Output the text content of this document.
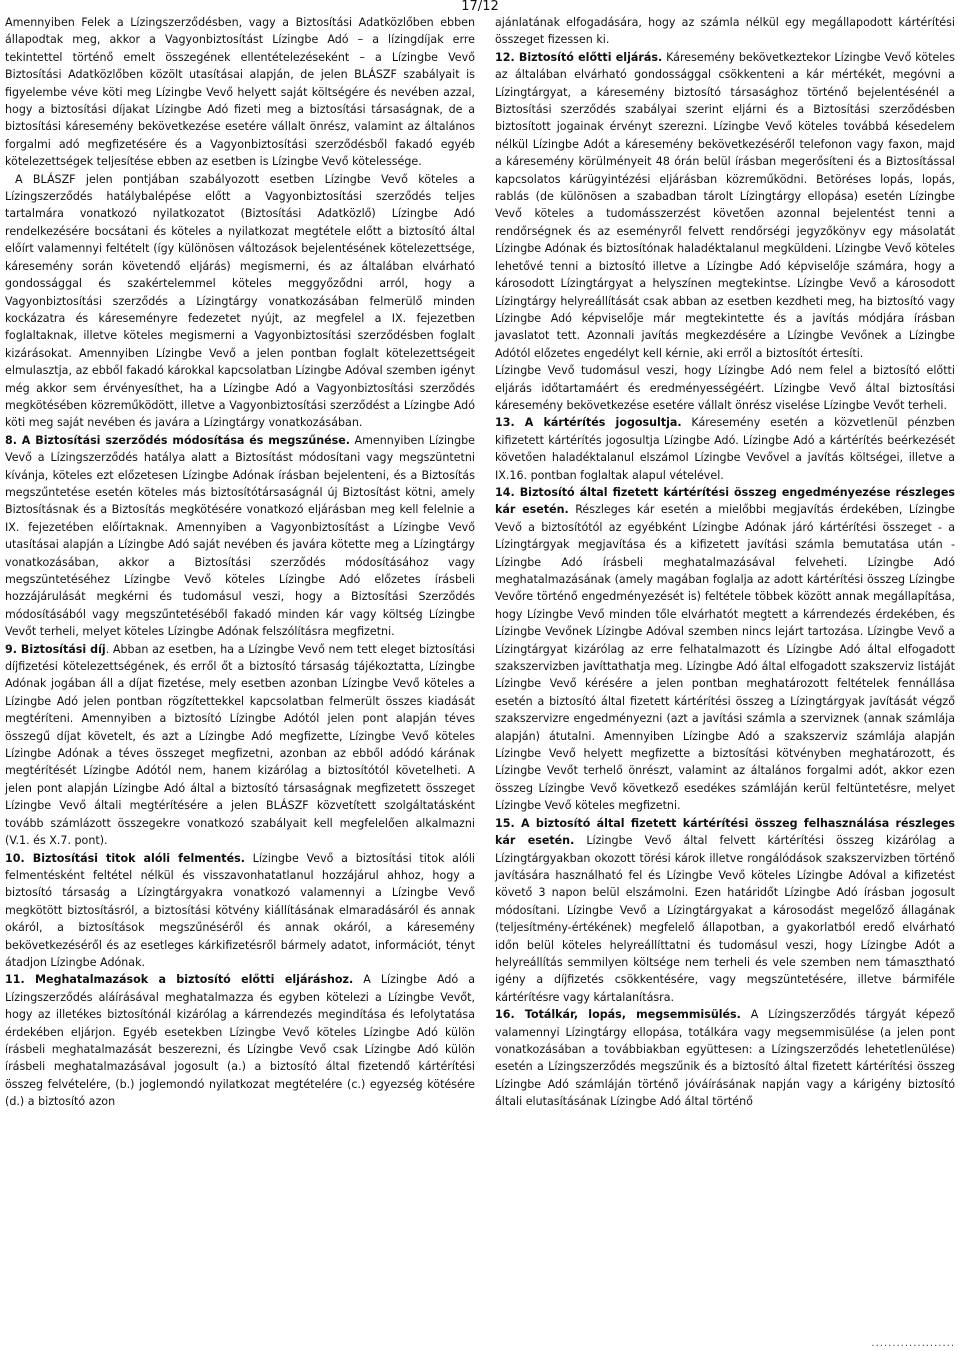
17/12

Amennyiben Felek a Lízingszerződésben, vagy a Biztosítási Adatközlőben ebben állapodtak meg, akkor a Vagyonbiztosítást Lízingbe Adó – a lízingdíjak erre tekintettel történő emelt összegének ellentételezéseként – a Lízingbe Vevő Biztosítási Adatközlőben közölt utasításai alapján, de jelen BLÁSZF szabályait is figyelembe véve köti meg Lízingbe Vevő helyett saját költségére és nevében azzal, hogy a biztosítási díjakat Lízingbe Adó fizeti meg a biztosítási társaságnak, de a biztosítási káresemény bekövetkezése esetére vállalt önrész, valamint az általános forgalmi adó megfizetésére és a Vagyonbiztosítási szerződésből fakadó egyéb kötelezettségek teljesítése ebben az esetben is Lízingbe Vevő kötelessége.

A BLÁSZF jelen pontjában szabályozott esetben Lízingbe Vevő köteles a Lízingszerződés hatálybalépése előtt a Vagyonbiztosítási szerződés teljes tartalmára vonatkozó nyilatkozatot (Biztosítási Adatközlő) Lízingbe Adó rendelkezésére bocsátani és köteles a nyilatkozat megtétele előtt a biztosító által előírt valamennyi feltételt (így különösen változások bejelentésének kötelezettsége, káresemény során követendő eljárás) megismerni, és az általában elvárható gondossággal és szakértelemmel köteles meggyőződni arról, hogy a Vagyonbiztosítási szerződés a Lízingtárgy vonatkozásában felmerülő minden kockázatra és káreseményre fedezetet nyújt, az megfelel a IX. fejezetben foglaltaknak, illetve köteles megismerni a Vagyonbiztosítási szerződésben foglalt kizárásokat. Amennyiben Lízingbe Vevő a jelen pontban foglalt kötelezettségeit elmulasztja, az ebből fakadó károkkal kapcsolatban Lízingbe Adóval szemben igényt még akkor sem érvényesíthet, ha a Lízingbe Adó a Vagyonbiztosítási szerződés megkötésében közreműködött, illetve a Vagyonbiztosítási szerződést a Lízingbe Adó köti meg saját nevében és javára a Lízingtárgy vonatkozásában.

8. A Biztosítási szerződés módosítása és megszűnése. Amennyiben Lízingbe Vevő a Lízingszerződés hatálya alatt a Biztosítást módosítani vagy megszüntetni kívánja, köteles ezt előzetesen Lízingbe Adónak írásban bejelenteni, és a Biztosítás megszűntetése esetén köteles más biztosítótársaságnál új Biztosítást kötni, amely Biztosításnak és a Biztosítás megkötésére vonatkozó eljárásban meg kell felelnie a IX. fejezetében előírtaknak. Amennyiben a Vagyonbiztosítást a Lízingbe Vevő utasításai alapján a Lízingbe Adó saját nevében és javára kötette meg a Lízingtárgy vonatkozásában, akkor a Biztosítási szerződés módosításához vagy megszüntetéséhez Lízingbe Vevő köteles Lízingbe Adó előzetes írásbeli hozzájárulását megkérni és tudomásul veszi, hogy a Biztosítási Szerződés módosításából vagy megszűntetéséből fakadó minden kár vagy költség Lízingbe Vevőt terheli, melyet köteles Lízingbe Adónak felszólításra megfizetni.

9. Biztosítási díj. Abban az esetben, ha a Lízingbe Vevő nem tett eleget biztosítási díjfizetési kötelezettségének, és erről őt a biztosító társaság tájékoztatta, Lízingbe Adónak jogában áll a díjat fizetése, mely esetben azonban Lízingbe Vevő köteles a Lízingbe Adó jelen pontban rögzítettekkel kapcsolatban felmerült összes kiadását megtéríteni. Amennyiben a biztosító Lízingbe Adótól jelen pont alapján téves összegű díjat követelt, és azt a Lízingbe Adó megfizette, Lízingbe Vevő köteles Lízingbe Adónak a téves összeget megfizetni, azonban az ebből adódó kárának megtérítését Lízingbe Adótól nem, hanem kizárólag a biztosítótól követelheti. A jelen pont alapján Lízingbe Adó által a biztosító társaságnak megfizetett összeget Lízingbe Vevő általi megtérítésére a jelen BLÁSZF közvetített szolgáltatásként tovább számlázott összegekre vonatkozó szabályait kell megfelelően alkalmazni (V.1. és X.7. pont).

10. Biztosítási titok alóli felmentés. Lízingbe Vevő a biztosítási titok alóli felmentésként feltétel nélkül és visszavonhatatlanul hozzájárul ahhoz, hogy a biztosító társaság a Lízingtárgyakra vonatkozó valamennyi a Lízingbe Vevő megkötött biztosításról, a biztosítási kötvény kiállításának elmaradásáról és annak okáról, a biztosítások megszűnéséről és annak okáról, a káresemény bekövetkezéséről és az esetleges kárkifizetésről bármely adatot, információt, tényt átadjon Lízingbe Adónak.

11. Meghatalmazások a biztosító előtti eljáráshoz. A Lízingbe Adó a Lízingszerződés aláírásával meghatalmazza és egyben kötelezi a Lízingbe Vevőt, hogy az illetékes biztosítónál kizárólag a kárrendezés megindítása és lefolytatása érdekében eljárjon. Egyéb esetekben Lízingbe Vevő köteles Lízingbe Adó külön írásbeli meghatalmazását beszerezni, és Lízingbe Vevő csak Lízingbe Adó külön írásbeli meghatalmazásával jogosult (a.) a biztosító által fizetendő kártérítési összeg felvételére, (b.) joglemondó nyilatkozat megtételére (c.) egyezség kötésére (d.) a biztosító azon

ajánlatának elfogadására, hogy az számla nélkül egy megállapodott kártérítési összeget fizessen ki.

12. Biztosító előtti eljárás. Káresemény bekövetkeztekor Lízingbe Vevő köteles az általában elvárható gondossággal csökkenteni a kár mértékét, megóvni a Lízingtárgyat, a káresemény biztosító társasághoz történő bejelentésénél a Biztosítási szerződés szabályai szerint eljárni és a Biztosítási szerződésben biztosított jogainak érvényt szerezni. Lízingbe Vevő köteles továbbá késedelem nélkül Lízingbe Adót a káresemény bekövetkezéséről telefonon vagy faxon, majd a káresemény körülményeit 48 órán belül írásban megerősíteni és a Biztosítással kapcsolatos kárügyintézési eljárásban közreműködni. Betöréses lopás, lopás, rablás (de különösen a szabadban tárolt Lízingtárgy ellopása) esetén Lízingbe Vevő köteles a tudomásszerzést követően azonnal bejelentést tenni a rendőrségnek és az eseményről felvett rendőrségi jegyzőkönyv egy másolatát Lízingbe Adónak és biztosítónak haladéktalanul megküldeni. Lízingbe Vevő köteles lehetővé tenni a biztosító illetve a Lízingbe Adó képviselője számára, hogy a károsodott Lízingtárgyat a helyszínen megtekintse. Lízingbe Vevő a károsodott Lízingtárgy helyreállítását csak abban az esetben kezdheti meg, ha biztosító vagy Lízingbe Adó képviselője már megtekintette és a javítás módjára írásban javaslatot tett. Azonnali javítás megkezdésére a Lízingbe Vevőnek a Lízingbe Adótól előzetes engedélyt kell kérnie, aki erről a biztosítót értesíti.

Lízingbe Vevő tudomásul veszi, hogy Lízingbe Adó nem felel a biztosító előtti eljárás időtartamáért és eredményességéért. Lízingbe Vevő által biztosítási káresemény bekövetkezése esetére vállalt önrész viselése Lízingbe Vevőt terheli.

13. A kártérítés jogosultja. Káresemény esetén a közvetlenül pénzben kifizetett kártérítés jogosultja Lízingbe Adó. Lízingbe Adó a kártérítés beérkezését követően haladéktalanul elszámol Lízingbe Vevővel a javítás költségei, illetve a IX.16. pontban foglaltak alapul vételével.

14. Biztosító által fizetett kártérítési összeg engedményezése részleges kár esetén. Részleges kár esetén a mielőbbi megjavítás érdekében, Lízingbe Vevő a biztosítótól az egyébként Lízingbe Adónak járó kártérítési összeget - a Lízingtárgyak megjavítása és a kifizetett javítási számla bemutatása után - Lízingbe Adó írásbeli meghatalmazásával felveheti. Lízingbe Adó meghatalmazásának (amely magában foglalja az adott kártérítési összeg Lízingbe Vevőre történő engedményezését is) feltétele többek között annak megállapítása, hogy Lízingbe Vevő minden tőle elvárhatót megtett a kárrendezés érdekében, és Lízingbe Vevőnek Lízingbe Adóval szemben nincs lejárt tartozása. Lízingbe Vevő a Lízingtárgyat kizárólag az erre felhatalmazott és Lízingbe Adó által elfogadott szakszervizben javíttathatja meg. Lízingbe Adó által elfogadott szakszerviz listáját Lízingbe Vevő kérésére a jelen pontban meghatározott feltételek fennállása esetén a biztosító által fizetett kártérítési összeg a Lízingtárgyak javítását végző szakszervizre engedményezni (azt a javítási számla a szerviznek (annak számlája alapján) átutalni. Amennyiben Lízingbe Adó a szakszerviz számlája alapján Lízingbe Vevő helyett megfizette a biztosítási kötvényben meghatározott, és Lízingbe Vevőt terhelő önrészt, valamint az általános forgalmi adót, akkor ezen összeg Lízingbe Vevő következő esedékes számláján kerül feltüntetésre, melyet Lízingbe Vevő köteles megfizetni.

15. A biztosító által fizetett kártérítési összeg felhasználása részleges kár esetén. Lízingbe Vevő által felvett kártérítési összeg kizárólag a Lízingtárgyakban okozott törési károk illetve rongálódások szakszervizben történő javítására használható fel és Lízingbe Vevő köteles Lízingbe Adóval a kifizetést követő 3 napon belül elszámolni. Ezen határidőt Lízingbe Adó írásban jogosult módosítani. Lízingbe Vevő a Lízingtárgyakat a károsodást megelőző állagának (teljesítmény-értékének) megfelelő állapotban, a gyakorlatból eredő elvárható időn belül köteles helyreállíttatni és tudomásul veszi, hogy Lízingbe Adót a helyreállítás semmilyen költsége nem terheli és vele szemben nem támasztható igény a díjfizetés csökkentésére, vagy megszüntetésére, illetve bármiféle kártérítésre vagy kártalanításra.

16. Totálkár, lopás, megsemmisülés. A Lízingszerződés tárgyát képező valamennyi Lízingtárgy ellopása, totálkára vagy megsemmisülése (a jelen pont vonatkozásában a továbbiakban együttesen: a Lízingszerződés lehetetlenülése) esetén a Lízingszerződés megszűnik és a biztosító által fizetett kártérítési összeg Lízingbe Adó számláján történő jóváírásának napján vagy a kárigény biztosító általi elutasításának Lízingbe Adó által történő

....................
